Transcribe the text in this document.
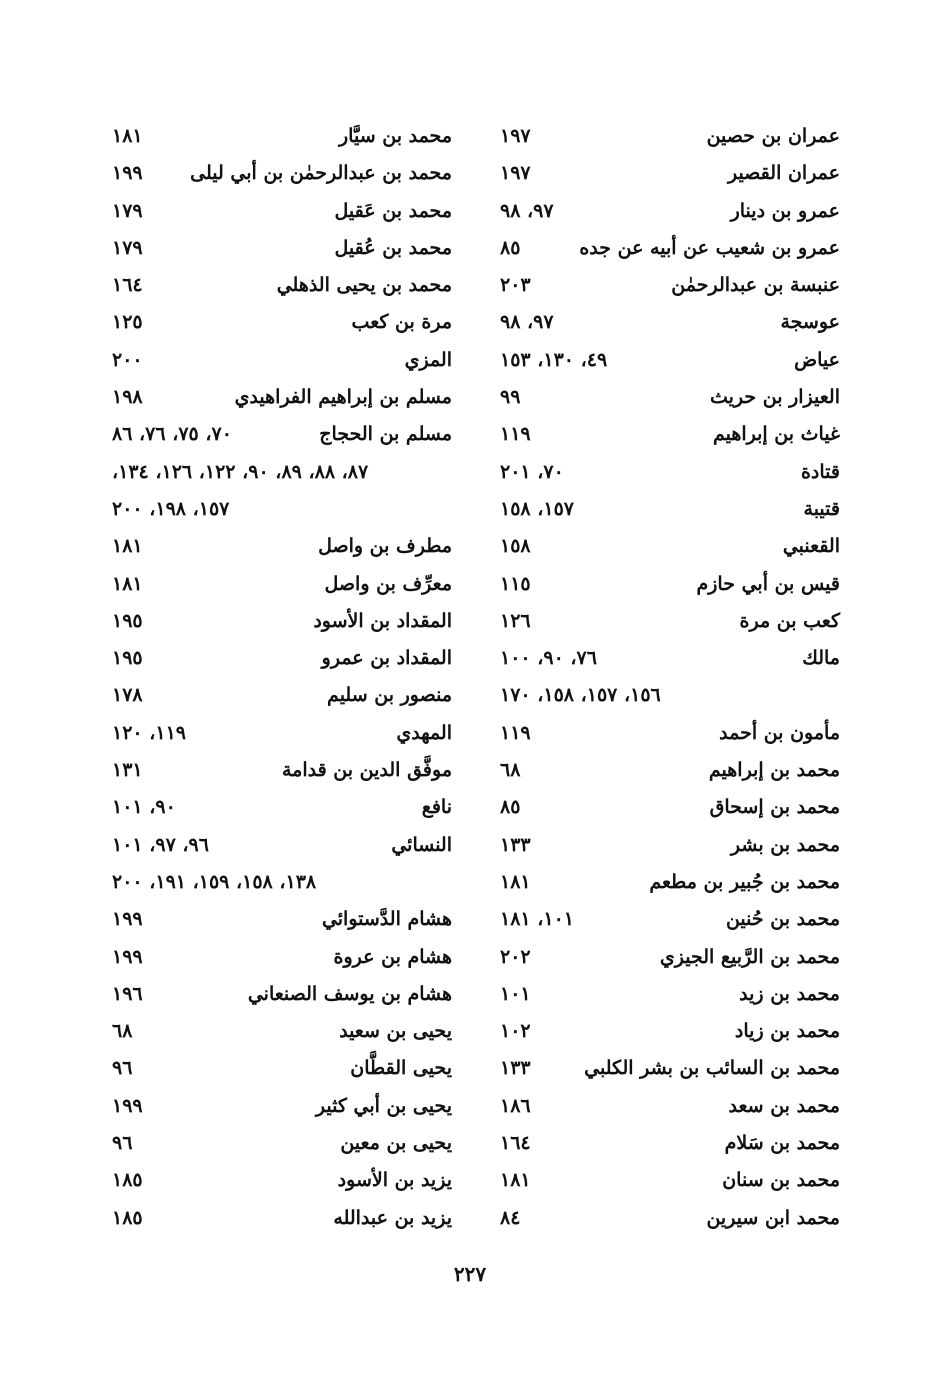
عمران بن حصين
١٩٧
عمران القصير
١٩٧
عمرو بن دينار
٩٧، ٩٨
عمرو بن شعيب عن أبيه عن جده
٨٥
عنبسة بن عبدالرحمٰن
٢٠٣
عوسجة
٩٧، ٩٨
عياض
٤٩، ١٣٠، ١٥٣
العيزار بن حريث
٩٩
غياث بن إبراهيم
١١٩
قتادة
٧٠، ٢٠١
قتيبة
١٥٧، ١٥٨
القعنبي
١٥٨
قيس بن أبي حازم
١١٥
كعب بن مرة
١٢٦
مالك
٧٦، ٩٠، ١٠٠
١٥٦، ١٥٧، ١٥٨، ١٧٠
مأمون بن أحمد
١١٩
محمد بن إبراهيم
٦٨
محمد بن إسحاق
٨٥
محمد بن بشر
١٣٣
محمد بن جُبير بن مطعم
١٨١
محمد بن حُنين
١٠١، ١٨١
محمد بن الرَّبيع الجيزي
٢٠٢
محمد بن زيد
١٠١
محمد بن زياد
١٠٢
محمد بن السائب بن بشر الكلبي
١٣٣
محمد بن سعد
١٨٦
محمد بن سَلام
١٦٤
محمد بن سنان
١٨١
محمد ابن سيرين
٨٤
محمد بن سيَّار
١٨١
محمد بن عبدالرحمٰن بن أبي ليلى
١٩٩
محمد بن عَقيل
١٧٩
محمد بن عُقيل
١٧٩
محمد بن يحيى الذهلي
١٦٤
مرة بن كعب
١٢٥
المزي
٢٠٠
مسلم بن إبراهيم الفراهيدي
١٩٨
مسلم بن الحجاج
٧٠، ٧٥، ٧٦، ٨٦
٨٧، ٨٨، ٨٩، ٩٠، ١٢٢، ١٢٦، ١٣٤،
١٥٧، ١٩٨، ٢٠٠
مطرف بن واصل
١٨١
معرِّف بن واصل
١٨١
المقداد بن الأسود
١٩٥
المقداد بن عمرو
١٩٥
منصور بن سليم
١٧٨
المهدي
١١٩، ١٢٠
موفَّق الدين بن قدامة
١٣١
نافع
٩٠، ١٠١
النسائي
٩٦، ٩٧، ١٠١
١٣٨، ١٥٨، ١٥٩، ١٩١، ٢٠٠
هشام الدَّستوائي
١٩٩
هشام بن عروة
١٩٩
هشام بن يوسف الصنعاني
١٩٦
يحيى بن سعيد
٦٨
يحيى القطَّان
٩٦
يحيى بن أبي كثير
١٩٩
يحيى بن معين
٩٦
يزيد بن الأسود
١٨٥
يزيد بن عبدالله
١٨٥
٢٢٧
